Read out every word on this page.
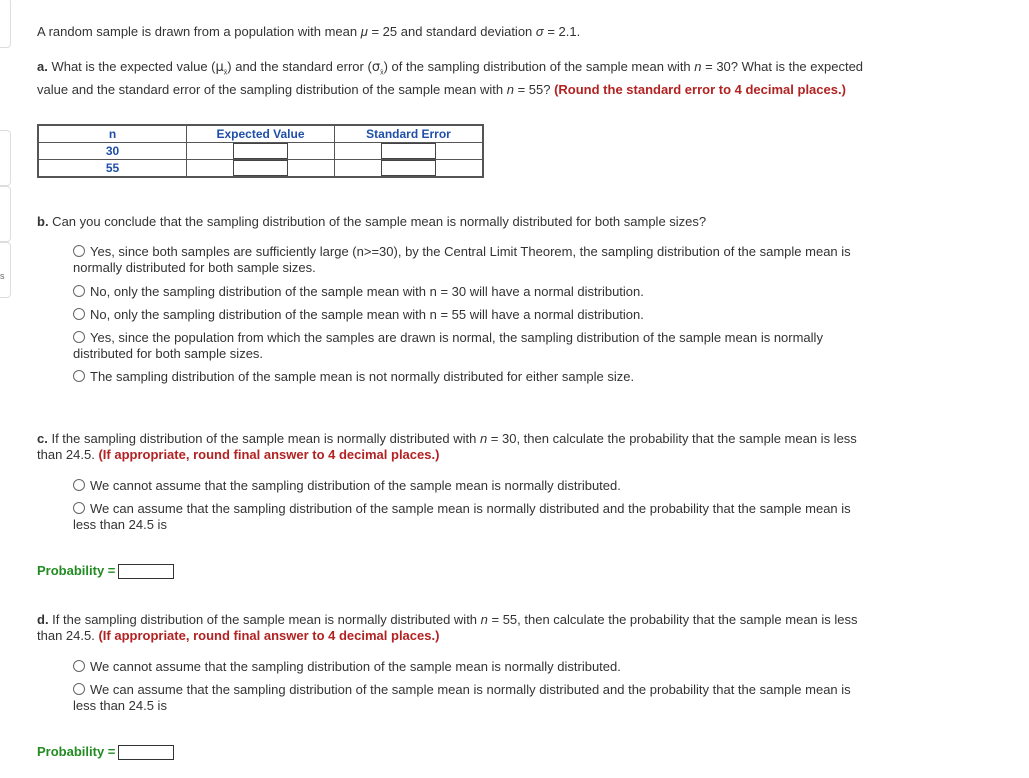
s
A random sample is drawn from a population with mean μ = 25 and standard deviation σ = 2.1.
a. What is the expected value $(\mu_{x̄})$ and the standard error $(\sigma_{x̄})$ of the sampling distribution of the sample mean with n = 30? What is the expected value and the standard error of the sampling distribution of the sample mean with n = 55? (Round the standard error to 4 decimal places.)
n	Expected Value	Standard Error
30		
55		
b. Can you conclude that the sampling distribution of the sample mean is normally distributed for both sample sizes?
Yes, since both samples are sufficiently large (n>=30), by the Central Limit Theorem, the sampling distribution of the sample mean is normally distributed for both sample sizes.
No, only the sampling distribution of the sample mean with n = 30 will have a normal distribution.
No, only the sampling distribution of the sample mean with n = 55 will have a normal distribution.
Yes, since the population from which the samples are drawn is normal, the sampling distribution of the sample mean is normally distributed for both sample sizes.
The sampling distribution of the sample mean is not normally distributed for either sample size.
c. If the sampling distribution of the sample mean is normally distributed with n = 30, then calculate the probability that the sample mean is less than 24.5. (If appropriate, round final answer to 4 decimal places.)
We cannot assume that the sampling distribution of the sample mean is normally distributed.
We can assume that the sampling distribution of the sample mean is normally distributed and the probability that the sample mean is less than 24.5 is
Probability =
d. If the sampling distribution of the sample mean is normally distributed with n = 55, then calculate the probability that the sample mean is less than 24.5. (If appropriate, round final answer to 4 decimal places.)
We cannot assume that the sampling distribution of the sample mean is normally distributed.
We can assume that the sampling distribution of the sample mean is normally distributed and the probability that the sample mean is less than 24.5 is
Probability =
